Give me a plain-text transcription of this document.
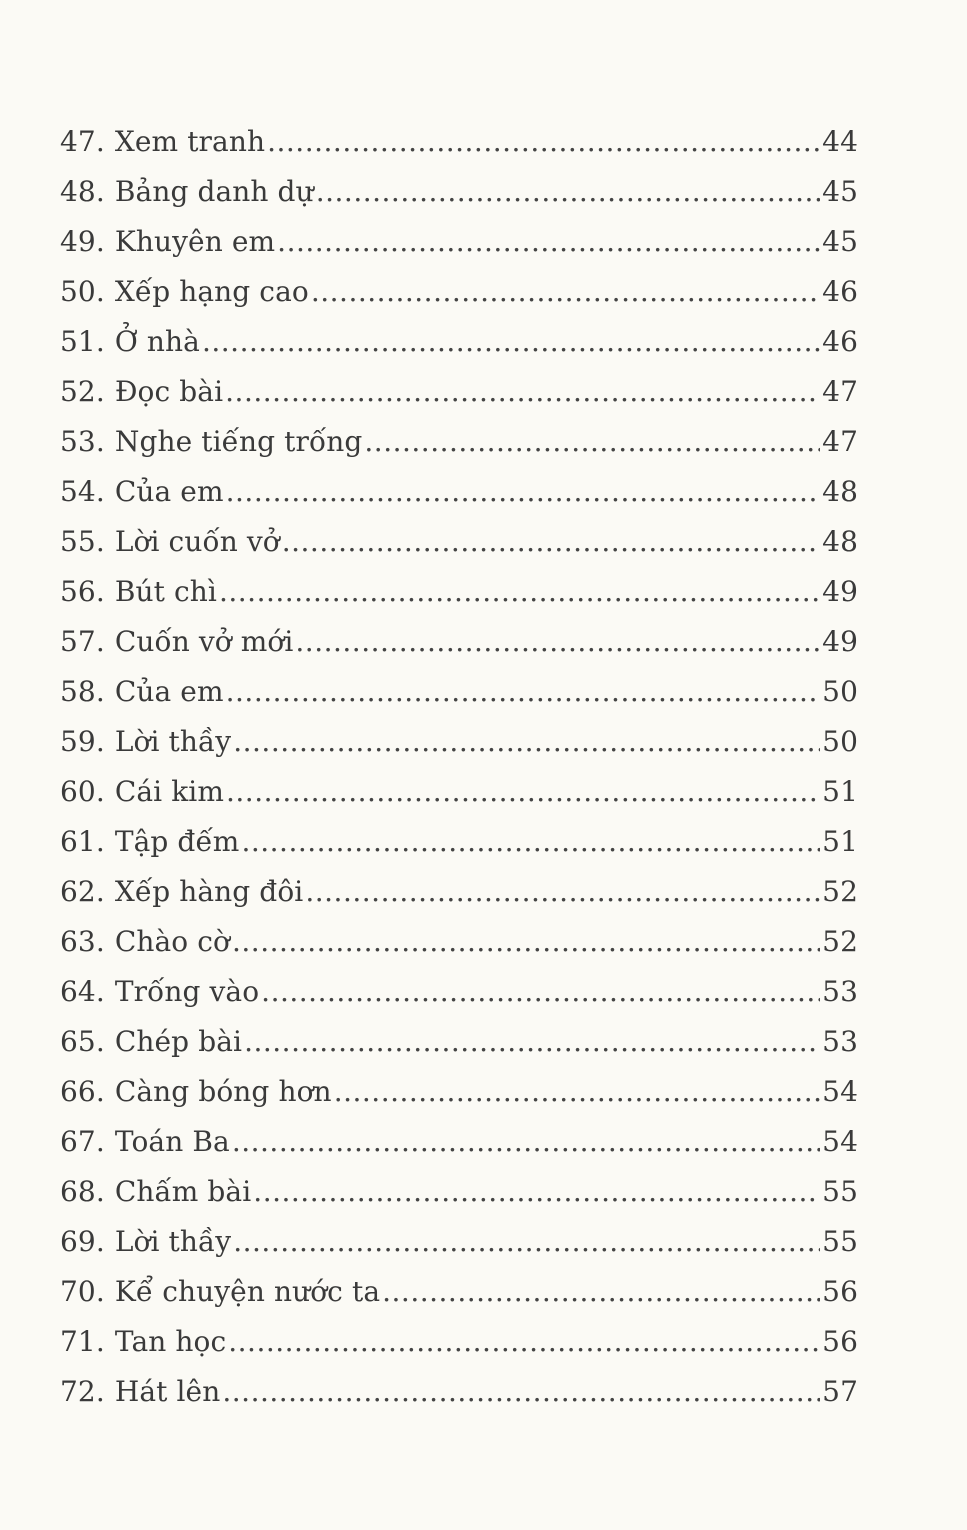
47. Xem tranh .....	44
48. Bảng danh dự .....	45
49. Khuyên em .....	45
50. Xếp hạng cao .....	46
51. Ở nhà .....	46
52. Đọc bài .....	47
53. Nghe tiếng trống .....	47
54. Của em .....	48
55. Lời cuốn vở .....	48
56. Bút chì .....	49
57. Cuốn vở mới .....	49
58. Của em .....	50
59. Lời thầy .....	50
60. Cái kim .....	51
61. Tập đếm .....	51
62. Xếp hàng đôi .....	52
63. Chào cờ .....	52
64. Trống vào .....	53
65. Chép bài .....	53
66. Càng bóng hơn .....	54
67. Toán Ba .....	54
68. Chấm bài .....	55
69. Lời thầy .....	55
70. Kể chuyện nước ta .....	56
71. Tan học .....	56
72. Hát lên .....	57
